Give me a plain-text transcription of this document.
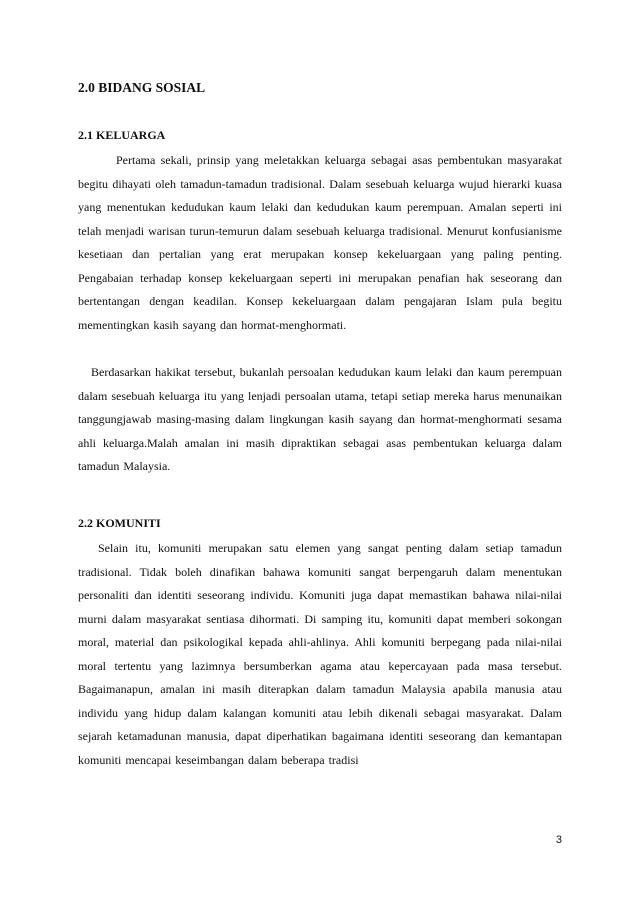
2.0 BIDANG SOSIAL
2.1 KELUARGA

Pertama sekali, prinsip yang meletakkan keluarga sebagai asas pembentukan masyarakat begitu dihayati oleh tamadun-tamadun tradisional. Dalam sesebuah keluarga wujud hierarki kuasa yang menentukan kedudukan kaum lelaki dan kedudukan kaum perempuan. Amalan seperti ini telah menjadi warisan turun-temurun dalam sesebuah keluarga tradisional. Menurut konfusianisme kesetiaan dan pertalian yang erat merupakan konsep kekeluargaan yang paling penting. Pengabaian terhadap konsep kekeluargaan seperti ini merupakan penafian hak seseorang dan bertentangan dengan keadilan. Konsep kekeluargaan dalam pengajaran Islam pula begitu mementingkan kasih sayang dan hormat-menghormati.

Berdasarkan hakikat tersebut, bukanlah persoalan kedudukan kaum lelaki dan kaum perempuan dalam sesebuah keluarga itu yang lenjadi persoalan utama, tetapi setiap mereka harus menunaikan tanggungjawab masing-masing dalam lingkungan kasih sayang dan hormat-menghormati sesama ahli keluarga.Malah amalan ini masih dipraktikan sebagai asas pembentukan keluarga dalam tamadun Malaysia.

2.2 KOMUNITI

Selain itu, komuniti merupakan satu elemen yang sangat penting dalam setiap tamadun tradisional. Tidak boleh dinafikan bahawa komuniti sangat berpengaruh dalam menentukan personaliti dan identiti seseorang individu. Komuniti juga dapat memastikan bahawa nilai-nilai murni dalam masyarakat sentiasa dihormati. Di samping itu, komuniti dapat memberi sokongan moral, material dan psikologikal kepada ahli-ahlinya. Ahli komuniti berpegang pada nilai-nilai moral tertentu yang lazimnya bersumberkan agama atau kepercayaan pada masa tersebut. Bagaimanapun, amalan ini masih diterapkan dalam tamadun Malaysia apabila manusia atau individu yang hidup dalam kalangan komuniti atau lebih dikenali sebagai masyarakat. Dalam sejarah ketamadunan manusia, dapat diperhatikan bagaimana identiti seseorang dan kemantapan komuniti mencapai keseimbangan dalam beberapa tradisi

3
